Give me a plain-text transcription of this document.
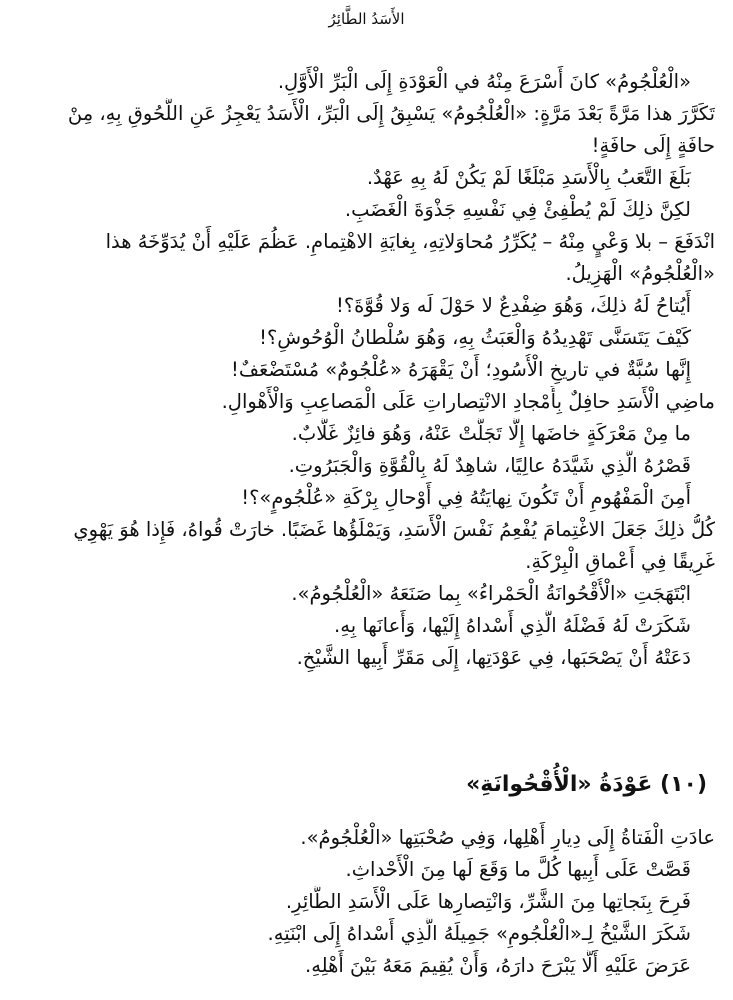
الأَسَدُ الطَّائِرُ
«الْعُلْجُومُ» كانَ أَسْرَعَ مِنْهُ في الْعَوْدَةِ إِلَى الْبَرِّ الْأَوَّلِ.
تَكَرَّرَ هذا مَرَّةً بَعْدَ مَرَّةٍ: «الْعُلْجُومُ» يَسْبِقُ إِلَى الْبَرِّ، الْأَسَدُ يَعْجِزُ عَنِ اللُّحُوقِ بِهِ، مِنْ
حافَةٍ إِلَى حافَةٍ!
بَلَغَ التَّعَبُ بِالْأَسَدِ مَبْلَغًا لَمْ يَكُنْ لَهُ بِهِ عَهْدٌ.
لكِنَّ ذلِكَ لَمْ يُطْفِئْ فِي نَفْسِهِ جَذْوَةَ الْغَضَبِ.
انْدَفَعَ – بلا وَعْيٍ مِنْهُ – يُكَرِّرُ مُحاوَلاتِهِ، بِغايَةِ الاهْتِمامِ. عَظُمَ عَلَيْهِ أَنْ يُدَوِّخَهُ هذا
«الْعُلْجُومُ» الْهَزِيلُ.
أَيُتاحُ لَهُ ذلِكَ، وَهُوَ ضِفْدِعٌ لا حَوْلَ لَه وَلا قُوَّةَ؟!
كَيْفَ يَتَسَنَّى تَهْدِيدُهُ وَالْعَبَثُ بِهِ، وَهُوَ سُلْطانُ الْوُحُوشِ؟!
إِنَّها سُبَّةٌ في تاريخِ الْأُسُودِ؛ أَنْ يَقْهَرَهُ «عُلْجُومٌ» مُسْتَضْعَفٌ!
ماضِي الْأَسَدِ حافِلٌ بِأَمْجادِ الانْتِصاراتِ عَلَى الْمَصاعِبِ وَالْأَهْوالِ.
ما مِنْ مَعْرَكَةٍ خاضَها إِلَّا تَجَلَّتْ عَنْهُ، وَهُوَ فائِزٌ غَلَّابٌ.
قَصْرُهُ الَّذِي شَيَّدَهُ عالِيًا، شاهِدٌ لَهُ بِالْقُوَّةِ وَالْجَبَرُوتِ.
أَمِنَ الْمَفْهُومِ أَنْ تَكُونَ نِهايَتُهُ فِي أَوْحالِ بِرْكَةِ «عُلْجُومٍ»؟!
كُلُّ ذلِكَ جَعَلَ الاغْتِمامَ يُفْعِمُ نَفْسَ الْأَسَدِ، وَيَمْلَؤُها غَضَبًا. خارَتْ قُواهُ، فَإِذا هُوَ يَهْوِي
غَرِيقًا فِي أَعْماقِ الْبِرْكَةِ.
ابْتَهَجَتِ «الْأُقْحُوانَةُ الْحَمْراءُ» بِما صَنَعَهُ «الْعُلْجُومُ».
شَكَرَتْ لَهُ فَضْلَهُ الَّذِي أَسْداهُ إِلَيْها، وَأَعانَها بِهِ.
دَعَتْهُ أَنْ يَصْحَبَها، فِي عَوْدَتِها، إِلَى مَقَرِّ أَبِيها الشَّيْخِ.
(١٠) عَوْدَةُ «الْأُقْحُوانَةِ»
عادَتِ الْفَتاةُ إِلَى دِيارِ أَهْلِها، وَفِي صُحْبَتِها «الْعُلْجُومُ».
قَصَّتْ عَلَى أَبِيها كُلَّ ما وَقَعَ لَها مِنَ الْأَحْداثِ.
فَرِحَ بِنَجاتِها مِنَ الشَّرِّ، وَانْتِصارِها عَلَى الْأَسَدِ الطَّائِرِ.
شَكَرَ الشَّيْخُ لِـ«الْعُلْجُومِ» جَمِيلَهُ الَّذِي أَسْداهُ إِلَى ابْنَتِهِ.
عَرَضَ عَلَيْهِ أَلَّا يَبْرَحَ دارَهُ، وَأَنْ يُقِيمَ مَعَهُ بَيْنَ أَهْلِهِ.
